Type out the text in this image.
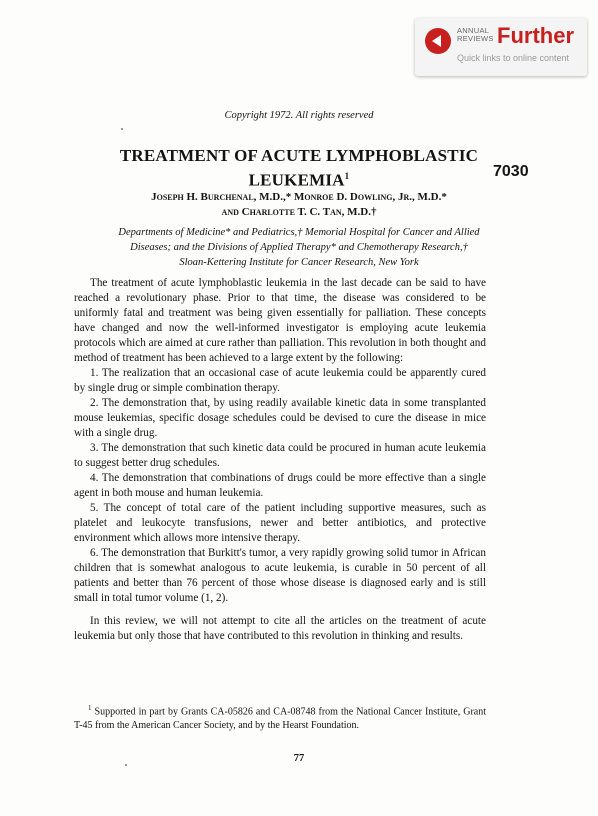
ANNUAL
REVIEWS Further
Quick links to online content
Copyright 1972. All rights reserved
TREATMENT OF ACUTE LYMPHOBLASTIC
LEUKEMIA$^1$	7030
Joseph H. Burchenal, M.D.,* Monroe D. Dowling, Jr., M.D.*
and Charlotte T. C. Tan, M.D.†
Departments of Medicine* and Pediatrics,† Memorial Hospital for Cancer and Allied
Diseases; and the Divisions of Applied Therapy* and Chemotherapy Research,†
Sloan-Kettering Institute for Cancer Research, New York

The treatment of acute lymphoblastic leukemia in the last decade can be said to have reached a revolutionary phase. Prior to that time, the disease was considered to be uniformly fatal and treatment was being given essentially for palliation. These concepts have changed and now the well-informed investigator is employing acute leukemia protocols which are aimed at cure rather than palliation. This revolution in both thought and method of treatment has been achieved to a large extent by the following:

1. The realization that an occasional case of acute leukemia could be apparently cured by single drug or simple combination therapy.

2. The demonstration that, by using readily available kinetic data in some transplanted mouse leukemias, specific dosage schedules could be devised to cure the disease in mice with a single drug.

3. The demonstration that such kinetic data could be procured in human acute leukemia to suggest better drug schedules.

4. The demonstration that combinations of drugs could be more effective than a single agent in both mouse and human leukemia.

5. The concept of total care of the patient including supportive measures, such as platelet and leukocyte transfusions, newer and better antibiotics, and protective environment which allows more intensive therapy.

6. The demonstration that Burkitt's tumor, a very rapidly growing solid tumor in African children that is somewhat analogous to acute leukemia, is curable in 50 percent of all patients and better than 76 percent of those whose disease is diagnosed early and is still small in total tumor volume (1, 2).

In this review, we will not attempt to cite all the articles on the treatment of acute leukemia but only those that have contributed to this revolution in thinking and results.

$^1$ Supported in part by Grants CA-05826 and CA-08748 from the National Cancer Institute, Grant T-45 from the American Cancer Society, and by the Hearst Foundation.
77
